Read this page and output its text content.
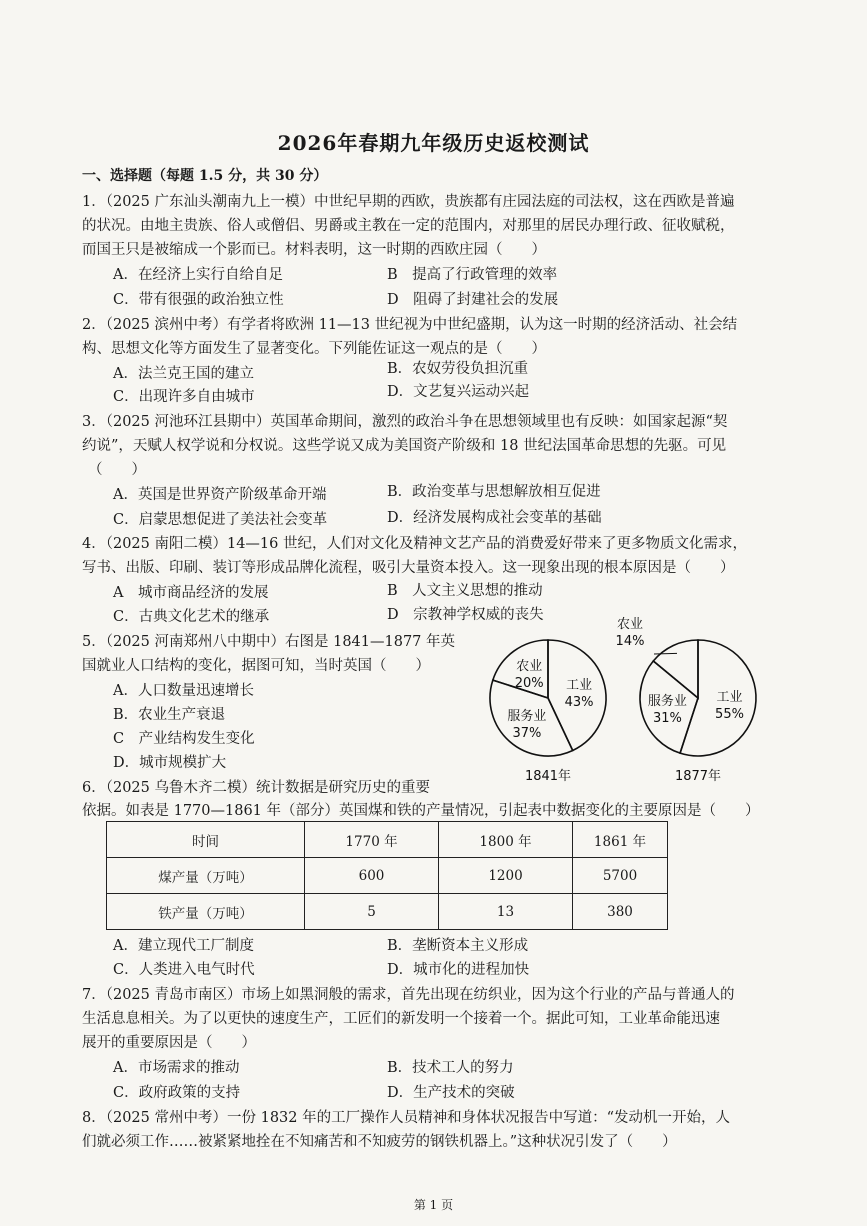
2026年春期九年级历史返校测试
一、选择题（每题 1.5 分，共 30 分）
1．（2025 广东汕头潮南九上一模）中世纪早期的西欧，贵族都有庄园法庭的司法权，这在西欧是普遍
的状况。由地主贵族、俗人或僧侣、男爵或主教在一定的范围内，对那里的居民办理行政、征收赋税，
而国王只是被缩成一个影而已。材料表明，这一时期的西欧庄园（　　）
A．在经济上实行自给自足	B　提高了行政管理的效率
C．带有很强的政治独立性	D　阻碍了封建社会的发展
2．（2025 滨州中考）有学者将欧洲 11—13 世纪视为中世纪盛期，认为这一时期的经济活动、社会结
构、思想文化等方面发生了显著变化。下列能佐证这一观点的是（　　）
A．法兰克王国的建立	B．农奴劳役负担沉重
C．出现许多自由城市	D．文艺复兴运动兴起
3．（2025 河池环江县期中）英国革命期间，激烈的政治斗争在思想领域里也有反映：如国家起源“契
约说”，天赋人权学说和分权说。这些学说又成为美国资产阶级和 18 世纪法国革命思想的先驱。可见
（　　）
A．英国是世界资产阶级革命开端	B．政治变革与思想解放相互促进
C．启蒙思想促进了美法社会变革	D．经济发展构成社会变革的基础
4．（2025 南阳二模）14—16 世纪，人们对文化及精神文艺产品的消费爱好带来了更多物质文化需求，
写书、出版、印刷、装订等形成品牌化流程，吸引大量资本投入。这一现象出现的根本原因是（　　）
A　城市商品经济的发展	B　人文主义思想的推动
C．古典文化艺术的继承	D　宗教神学权威的丧失
5．（2025 河南郑州八中期中）右图是 1841—1877 年英
国就业人口结构的变化，据图可知，当时英国（　　）
A．人口数量迅速增长
B．农业生产衰退
C　产业结构发生变化
D．城市规模扩大
工业
43%
服务业
37%
农业
20%
1841年
工业
55%
服务业
31%
农业
14%
1877年
6．（2025 乌鲁木齐二模）统计数据是研究历史的重要
依据。如表是 1770—1861 年（部分）英国煤和铁的产量情况，引起表中数据变化的主要原因是（　　）
时间	1770 年	1800 年	1861 年
煤产量（万吨）	600	1200	5700
铁产量（万吨）	5	13	380
A．建立现代工厂制度	B．垄断资本主义形成
C．人类进入电气时代	D．城市化的进程加快
7．（2025 青岛市南区）市场上如黑洞般的需求，首先出现在纺织业，因为这个行业的产品与普通人的
生活息息相关。为了以更快的速度生产，工匠们的新发明一个接着一个。据此可知，工业革命能迅速
展开的重要原因是（　　）
A．市场需求的推动	B．技术工人的努力
C．政府政策的支持	D．生产技术的突破
8．（2025 常州中考）一份 1832 年的工厂操作人员精神和身体状况报告中写道：“发动机一开始，人
们就必须工作……被紧紧地拴在不知痛苦和不知疲劳的钢铁机器上。”这种状况引发了（　　）
第 1 页
